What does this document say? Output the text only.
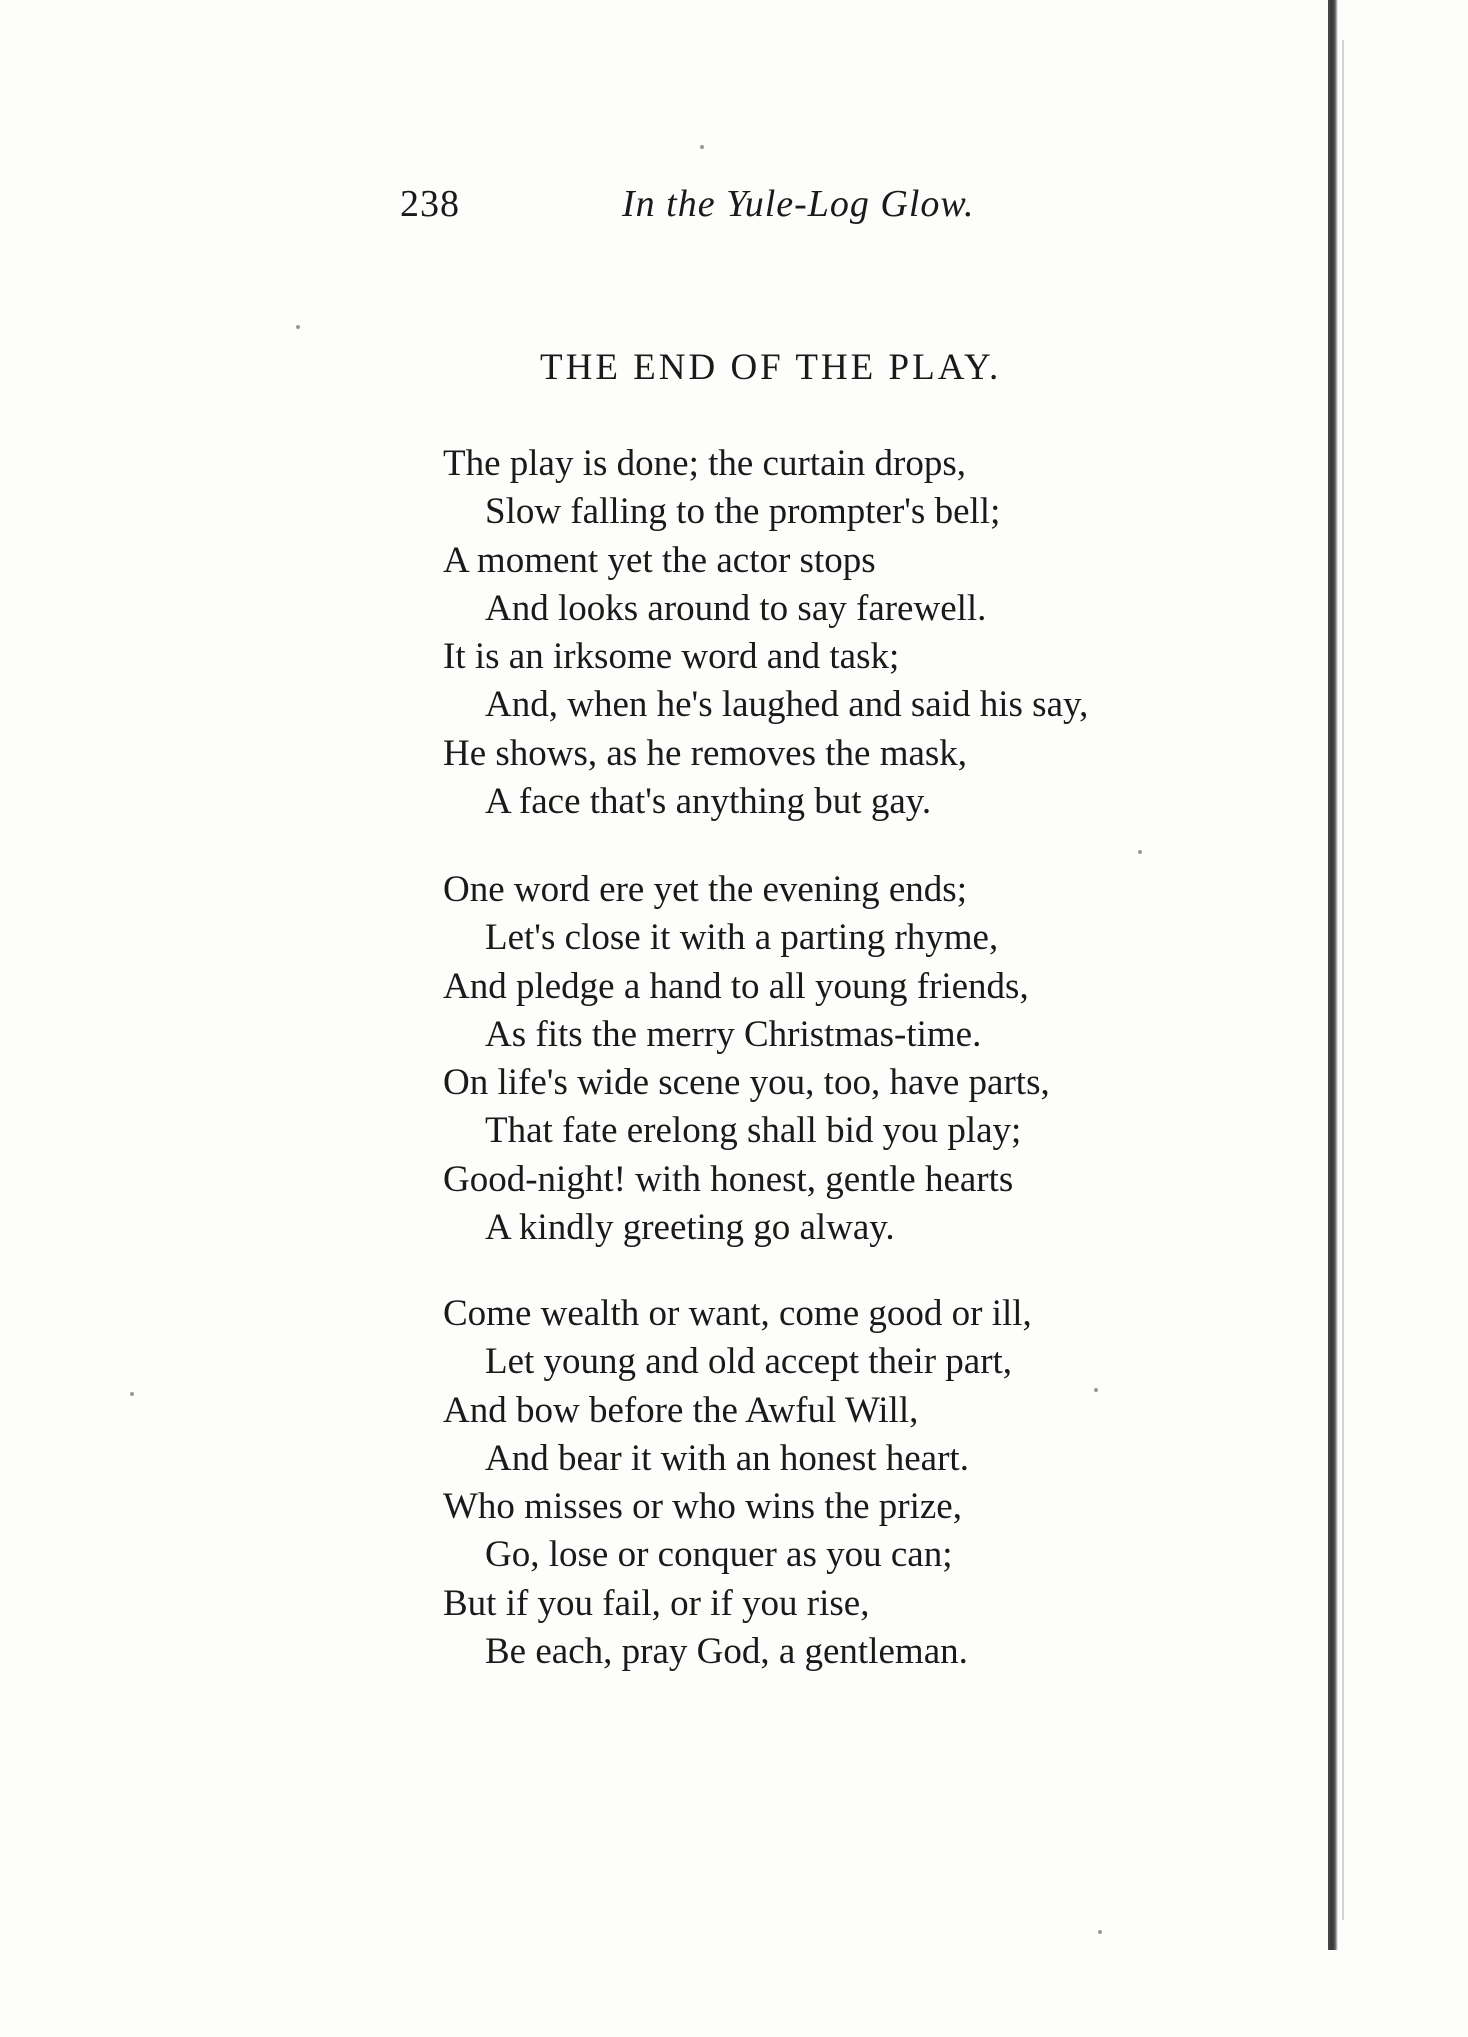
238	In the Yule-Log Glow.
THE END OF THE PLAY.
The play is done; the curtain drops,
Slow falling to the prompter's bell;
A moment yet the actor stops
And looks around to say farewell.
It is an irksome word and task;
And, when he's laughed and said his say,
He shows, as he removes the mask,
A face that's anything but gay.
One word ere yet the evening ends;
Let's close it with a parting rhyme,
And pledge a hand to all young friends,
As fits the merry Christmas-time.
On life's wide scene you, too, have parts,
That fate erelong shall bid you play;
Good-night! with honest, gentle hearts
A kindly greeting go alway.
Come wealth or want, come good or ill,
Let young and old accept their part,
And bow before the Awful Will,
And bear it with an honest heart.
Who misses or who wins the prize,
Go, lose or conquer as you can;
But if you fail, or if you rise,
Be each, pray God, a gentleman.
